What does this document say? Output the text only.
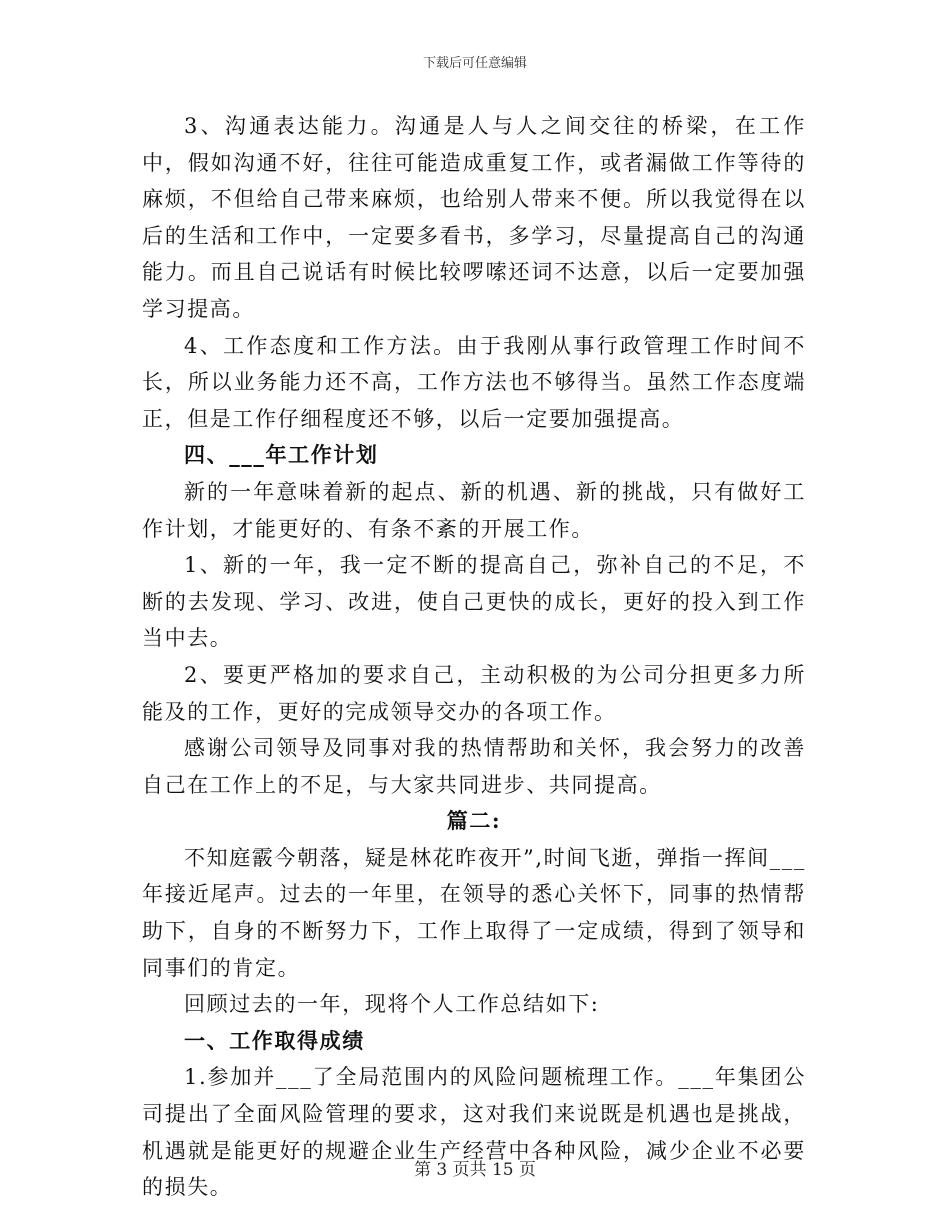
下载后可任意编辑

3、沟通表达能力。沟通是人与人之间交往的桥梁，在工作中，假如沟通不好，往往可能造成重复工作，或者漏做工作等待的麻烦，不但给自己带来麻烦，也给别人带来不便。所以我觉得在以后的生活和工作中，一定要多看书，多学习，尽量提高自己的沟通能力。而且自己说话有时候比较啰嗦还词不达意，以后一定要加强学习提高。

4、工作态度和工作方法。由于我刚从事行政管理工作时间不长，所以业务能力还不高，工作方法也不够得当。虽然工作态度端正，但是工作仔细程度还不够，以后一定要加强提高。

四、___年工作计划

新的一年意味着新的起点、新的机遇、新的挑战，只有做好工作计划，才能更好的、有条不紊的开展工作。

1、新的一年，我一定不断的提高自己，弥补自己的不足，不断的去发现、学习、改进，使自己更快的成长，更好的投入到工作当中去。

2、要更严格加的要求自己，主动积极的为公司分担更多力所能及的工作，更好的完成领导交办的各项工作。

感谢公司领导及同事对我的热情帮助和关怀，我会努力的改善自己在工作上的不足，与大家共同进步、共同提高。

篇二:

不知庭霰今朝落，疑是林花昨夜开”,时间飞逝，弹指一挥间___年接近尾声。过去的一年里，在领导的悉心关怀下，同事的热情帮助下，自身的不断努力下，工作上取得了一定成绩，得到了领导和同事们的肯定。

回顾过去的一年，现将个人工作总结如下:

一、工作取得成绩

1.参加并___了全局范围内的风险问题梳理工作。___年集团公司提出了全面风险管理的要求，这对我们来说既是机遇也是挑战，机遇就是能更好的规避企业生产经营中各种风险，减少企业不必要的损失。

第 3 页共 15 页
